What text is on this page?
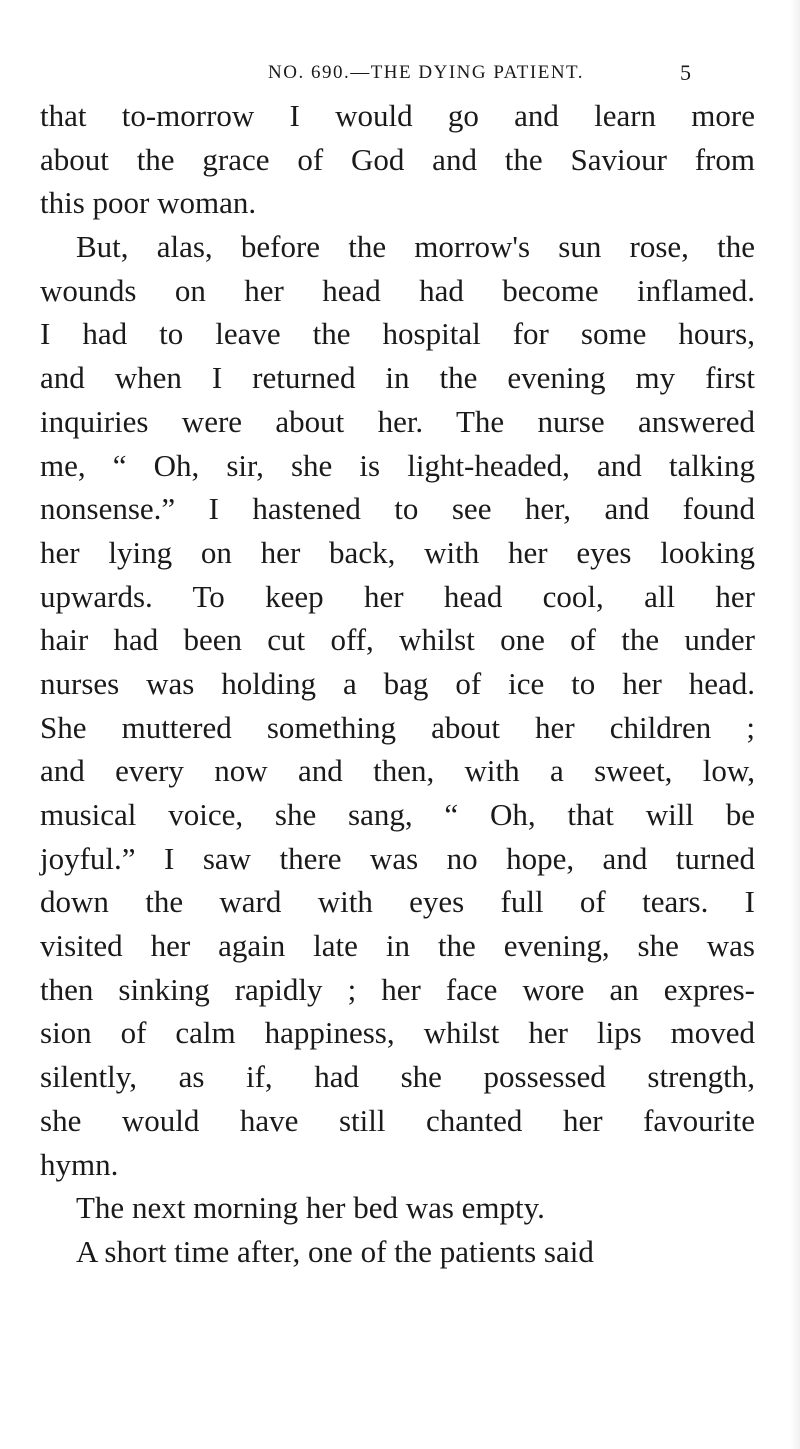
NO. 690.—THE DYING PATIENT.	5
that to-morrow I would go and learn more
about the grace of God and the Saviour from
this poor woman.
But, alas, before the morrow's sun rose, the
wounds on her head had become inflamed.
I had to leave the hospital for some hours,
and when I returned in the evening my first
inquiries were about her. The nurse answered
me, “ Oh, sir, she is light-headed, and talking
nonsense.” I hastened to see her, and found
her lying on her back, with her eyes looking
upwards. To keep her head cool, all her
hair had been cut off, whilst one of the under
nurses was holding a bag of ice to her head.
She muttered something about her children ;
and every now and then, with a sweet, low,
musical voice, she sang, “ Oh, that will be
joyful.” I saw there was no hope, and turned
down the ward with eyes full of tears. I
visited her again late in the evening, she was
then sinking rapidly ; her face wore an expres-
sion of calm happiness, whilst her lips moved
silently, as if, had she possessed strength,
she would have still chanted her favourite
hymn.
The next morning her bed was empty.
A short time after, one of the patients said
